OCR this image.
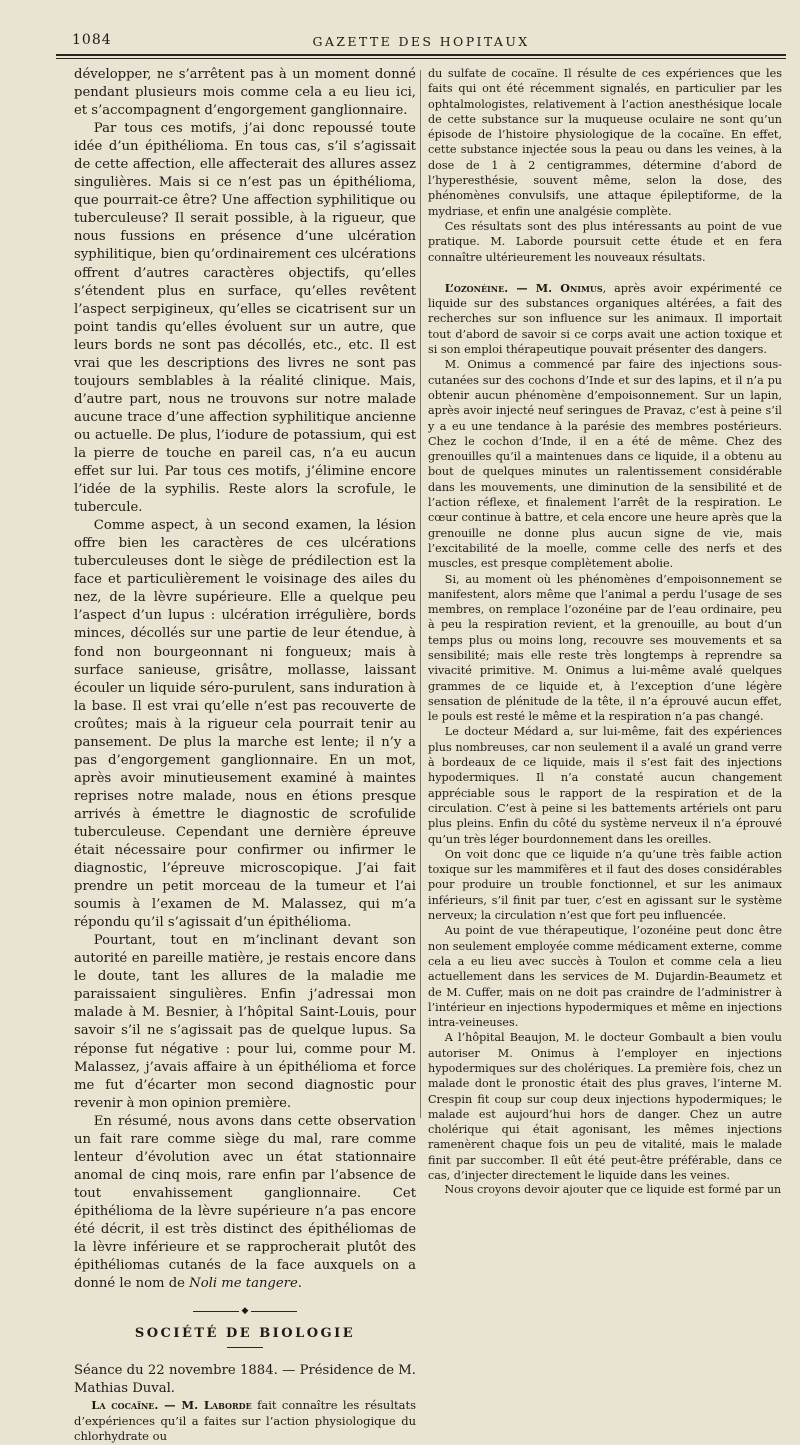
1084	GAZETTE DES HOPITAUX

développer, ne s’arrêtent pas à un moment donné pendant plusieurs mois comme cela a eu lieu ici, et s’accompagnent d’engorgement ganglionnaire.

Par tous ces motifs, j’ai donc repoussé toute idée d’un épithélioma. En tous cas, s’il s’agissait de cette affection, elle affecterait des allures assez singulières. Mais si ce n’est pas un épithélioma, que pourrait-ce être? Une affection syphilitique ou tuberculeuse? Il serait possible, à la rigueur, que nous fussions en présence d’une ulcération syphilitique, bien qu’ordinairement ces ulcérations offrent d’autres caractères objectifs, qu’elles s’étendent plus en surface, qu’elles revêtent l’aspect serpigineux, qu’elles se cicatrisent sur un point tandis qu’elles évoluent sur un autre, que leurs bords ne sont pas décollés, etc., etc. Il est vrai que les descriptions des livres ne sont pas toujours semblables à la réalité clinique. Mais, d’autre part, nous ne trouvons sur notre malade aucune trace d’une affection syphilitique ancienne ou actuelle. De plus, l’iodure de potassium, qui est la pierre de touche en pareil cas, n’a eu aucun effet sur lui. Par tous ces motifs, j’élimine encore l’idée de la syphilis. Reste alors la scrofule, le tubercule.

Comme aspect, à un second examen, la lésion offre bien les caractères de ces ulcérations tuberculeuses dont le siège de prédilection est la face et particulièrement le voisinage des ailes du nez, de la lèvre supérieure. Elle a quelque peu l’aspect d’un lupus : ulcération irrégulière, bords minces, décollés sur une partie de leur étendue, à fond non bourgeonnant ni fongueux; mais à surface sanieuse, grisâtre, mollasse, laissant écouler un liquide séro-purulent, sans induration à la base. Il est vrai qu’elle n’est pas recouverte de croûtes; mais à la rigueur cela pourrait tenir au pansement. De plus la marche est lente; il n’y a pas d’engorgement ganglionnaire. En un mot, après avoir minutieusement examiné à maintes reprises notre malade, nous en étions presque arrivés à émettre le diagnostic de scrofulide tuberculeuse. Cependant une dernière épreuve était nécessaire pour confirmer ou infirmer le diagnostic, l’épreuve microscopique. J’ai fait prendre un petit morceau de la tumeur et l’ai soumis à l’examen de M. Malassez, qui m’a répondu qu’il s’agissait d’un épithélioma.

Pourtant, tout en m’inclinant devant son autorité en pareille matière, je restais encore dans le doute, tant les allures de la maladie me paraissaient singulières. Enfin j’adressai mon malade à M. Besnier, à l’hôpital Saint-Louis, pour savoir s’il ne s’agissait pas de quelque lupus. Sa réponse fut négative : pour lui, comme pour M. Malassez, j’avais affaire à un épithélioma et force me fut d’écarter mon second diagnostic pour revenir à mon opinion première.

En résumé, nous avons dans cette observation un fait rare comme siège du mal, rare comme lenteur d’évolution avec un état stationnaire anomal de cinq mois, rare enfin par l’absence de tout envahissement ganglionnaire. Cet épithélioma de la lèvre supérieure n’a pas encore été décrit, il est très distinct des épithéliomas de la lèvre inférieure et se rapprocherait plutôt des épithéliomas cutanés de la face auxquels on a donné le nom de Noli me tangere.

◆
SOCIÉTÉ DE BIOLOGIE

Séance du 22 novembre 1884. — Présidence de M. Mathias Duval.

La cocaïne. — M. Laborde fait connaître les résultats d’expériences qu’il a faites sur l’action physiologique du chlorhydrate ou

du sulfate de cocaïne. Il résulte de ces expériences que les faits qui ont été récemment signalés, en particulier par les ophtalmologistes, relativement à l’action anesthésique locale de cette substance sur la muqueuse oculaire ne sont qu’un épisode de l’histoire physiologique de la cocaïne. En effet, cette substance injectée sous la peau ou dans les veines, à la dose de 1 à 2 centigrammes, détermine d’abord de l’hyperesthésie, souvent même, selon la dose, des phénomènes convulsifs, une attaque épileptiforme, de la mydriase, et enfin une analgésie complète.

Ces résultats sont des plus intéressants au point de vue pratique. M. Laborde poursuit cette étude et en fera connaître ultérieurement les nouveaux résultats.

L’ozonéine. — M. Onimus, après avoir expérimenté ce liquide sur des substances organiques altérées, a fait des recherches sur son influence sur les animaux. Il importait tout d’abord de savoir si ce corps avait une action toxique et si son emploi thérapeutique pouvait présenter des dangers.

M. Onimus a commencé par faire des injections sous-cutanées sur des cochons d’Inde et sur des lapins, et il n’a pu obtenir aucun phénomène d’empoisonnement. Sur un lapin, après avoir injecté neuf seringues de Pravaz, c’est à peine s’il y a eu une tendance à la parésie des membres postérieurs. Chez le cochon d’Inde, il en a été de même. Chez des grenouilles qu’il a maintenues dans ce liquide, il a obtenu au bout de quelques minutes un ralentissement considérable dans les mouvements, une diminution de la sensibilité et de l’action réflexe, et finalement l’arrêt de la respiration. Le cœur continue à battre, et cela encore une heure après que la grenouille ne donne plus aucun signe de vie, mais l’excitabilité de la moelle, comme celle des nerfs et des muscles, est presque complètement abolie.

Si, au moment où les phénomènes d’empoisonnement se manifestent, alors même que l’animal a perdu l’usage de ses membres, on remplace l’ozonéine par de l’eau ordinaire, peu à peu la respiration revient, et la grenouille, au bout d’un temps plus ou moins long, recouvre ses mouvements et sa sensibilité; mais elle reste très longtemps à reprendre sa vivacité primitive. M. Onimus a lui-même avalé quelques grammes de ce liquide et, à l’exception d’une légère sensation de plénitude de la tête, il n’a éprouvé aucun effet, le pouls est resté le même et la respiration n’a pas changé.

Le docteur Médard a, sur lui-même, fait des expériences plus nombreuses, car non seulement il a avalé un grand verre à bordeaux de ce liquide, mais il s’est fait des injections hypodermiques. Il n’a constaté aucun changement appréciable sous le rapport de la respiration et de la circulation. C’est à peine si les battements artériels ont paru plus pleins. Enfin du côté du système nerveux il n’a éprouvé qu’un très léger bourdonnement dans les oreilles.

On voit donc que ce liquide n’a qu’une très faible action toxique sur les mammifères et il faut des doses considérables pour produire un trouble fonctionnel, et sur les animaux inférieurs, s’il finit par tuer, c’est en agissant sur le système nerveux; la circulation n’est que fort peu influencée.

Au point de vue thérapeutique, l’ozonéine peut donc être non seulement employée comme médicament externe, comme cela a eu lieu avec succès à Toulon et comme cela a lieu actuellement dans les services de M. Dujardin-Beaumetz et de M. Cuffer, mais on ne doit pas craindre de l’administrer à l’intérieur en injections hypodermiques et même en injections intra-veineuses.

A l’hôpital Beaujon, M. le docteur Gombault a bien voulu autoriser M. Onimus à l’employer en injections hypodermiques sur des cholériques. La première fois, chez un malade dont le pronostic était des plus graves, l’interne M. Crespin fit coup sur coup deux injections hypodermiques; le malade est aujourd’hui hors de danger. Chez un autre cholérique qui était agonisant, les mêmes injections ramenèrent chaque fois un peu de vitalité, mais le malade finit par succomber. Il eût été peut-être préférable, dans ce cas, d’injecter directement le liquide dans les veines.

Nous croyons devoir ajouter que ce liquide est formé par un
